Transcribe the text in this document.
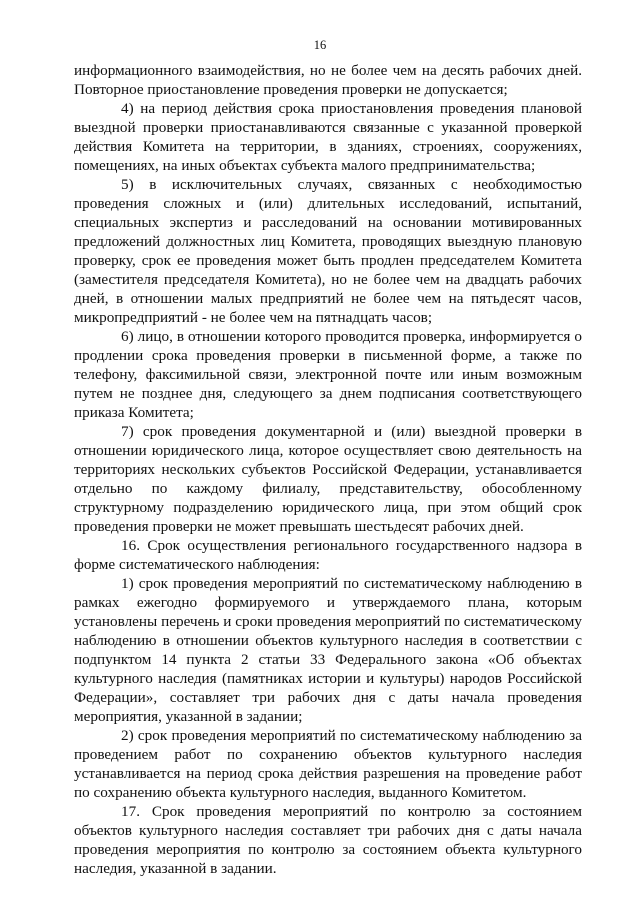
16

информационного взаимодействия, но не более чем на десять рабочих дней. Повторное приостановление проведения проверки не допускается;

4) на период действия срока приостановления проведения плановой выездной проверки приостанавливаются связанные с указанной проверкой действия Комитета на территории, в зданиях, строениях, сооружениях, помещениях, на иных объектах субъекта малого предпринимательства;

5) в исключительных случаях, связанных с необходимостью проведения сложных и (или) длительных исследований, испытаний, специальных экспертиз и расследований на основании мотивированных предложений должностных лиц Комитета, проводящих выездную плановую проверку, срок ее проведения может быть продлен председателем Комитета (заместителя председателя Комитета), но не более чем на двадцать рабочих дней, в отношении малых предприятий не более чем на пятьдесят часов, микропредприятий - не более чем на пятнадцать часов;

6) лицо, в отношении которого проводится проверка, информируется о продлении срока проведения проверки в письменной форме, а также по телефону, факсимильной связи, электронной почте или иным возможным путем не позднее дня, следующего за днем подписания соответствующего приказа Комитета;

7) срок проведения документарной и (или) выездной проверки в отношении юридического лица, которое осуществляет свою деятельность на территориях нескольких субъектов Российской Федерации, устанавливается отдельно по каждому филиалу, представительству, обособленному структурному подразделению юридического лица, при этом общий срок проведения проверки не может превышать шестьдесят рабочих дней.

16. Срок осуществления регионального государственного надзора в форме систематического наблюдения:

1) срок проведения мероприятий по систематическому наблюдению в рамках ежегодно формируемого и утверждаемого плана, которым установлены перечень и сроки проведения мероприятий по систематическому наблюдению в отношении объектов культурного наследия в соответствии с подпунктом 14 пункта 2 статьи 33 Федерального закона «Об объектах культурного наследия (памятниках истории и культуры) народов Российской Федерации», составляет три рабочих дня с даты начала проведения мероприятия, указанной в задании;

2) срок проведения мероприятий по систематическому наблюдению за проведением работ по сохранению объектов культурного наследия устанавливается на период срока действия разрешения на проведение работ по сохранению объекта культурного наследия, выданного Комитетом.

17. Срок проведения мероприятий по контролю за состоянием объектов культурного наследия составляет три рабочих дня с даты начала проведения мероприятия по контролю за состоянием объекта культурного наследия, указанной в задании.
